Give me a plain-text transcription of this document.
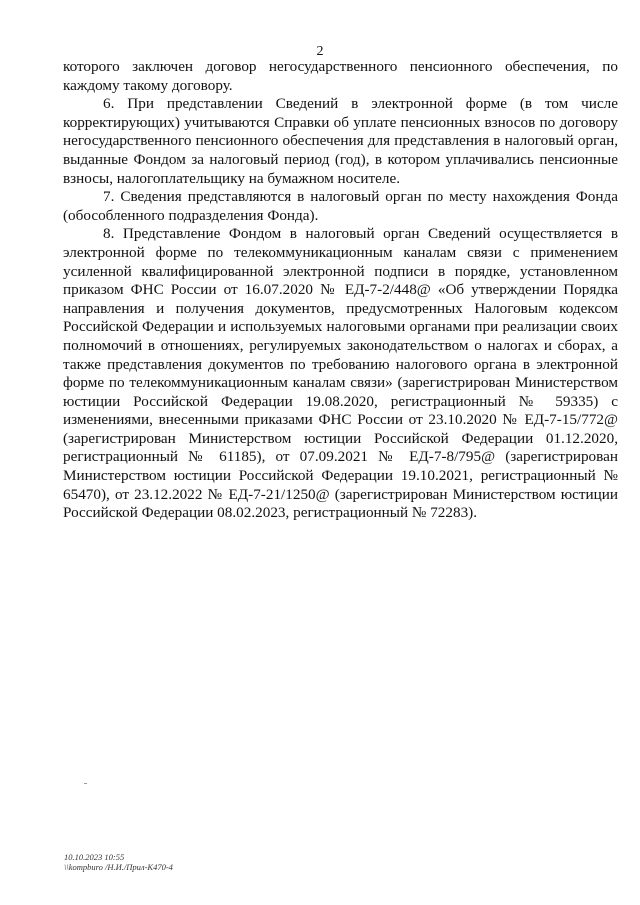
2

которого заключен договор негосударственного пенсионного обеспечения, по каждому такому договору.

6. При представлении Сведений в электронной форме (в том числе корректирующих) учитываются Справки об уплате пенсионных взносов по договору негосударственного пенсионного обеспечения для представления в налоговый орган, выданные Фондом за налоговый период (год), в котором уплачивались пенсионные взносы, налогоплательщику на бумажном носителе.

7. Сведения представляются в налоговый орган по месту нахождения Фонда (обособленного подразделения Фонда).

8. Представление Фондом в налоговый орган Сведений осуществляется в электронной форме по телекоммуникационным каналам связи с применением усиленной квалифицированной электронной подписи в порядке, установленном приказом ФНС России от 16.07.2020 № ЕД-7-2/448@ «Об утверждении Порядка направления и получения документов, предусмотренных Налоговым кодексом Российской Федерации и используемых налоговыми органами при реализации своих полномочий в отношениях, регулируемых законодательством о налогах и сборах, а также представления документов по требованию налогового органа в электронной форме по телекоммуникационным каналам связи» (зарегистрирован Министерством юстиции Российской Федерации 19.08.2020, регистрационный № 59335) с изменениями, внесенными приказами ФНС России от 23.10.2020 № ЕД-7-15/772@ (зарегистрирован Министерством юстиции Российской Федерации 01.12.2020, регистрационный № 61185), от 07.09.2021 № ЕД-7-8/795@ (зарегистрирован Министерством юстиции Российской Федерации 19.10.2021, регистрационный № 65470), от 23.12.2022 № ЕД-7-21/1250@ (зарегистрирован Министерством юстиции Российской Федерации 08.02.2023, регистрационный № 72283).

10.10.2023 10:55
\\kompburo /Н.И./Прил-К470-4
